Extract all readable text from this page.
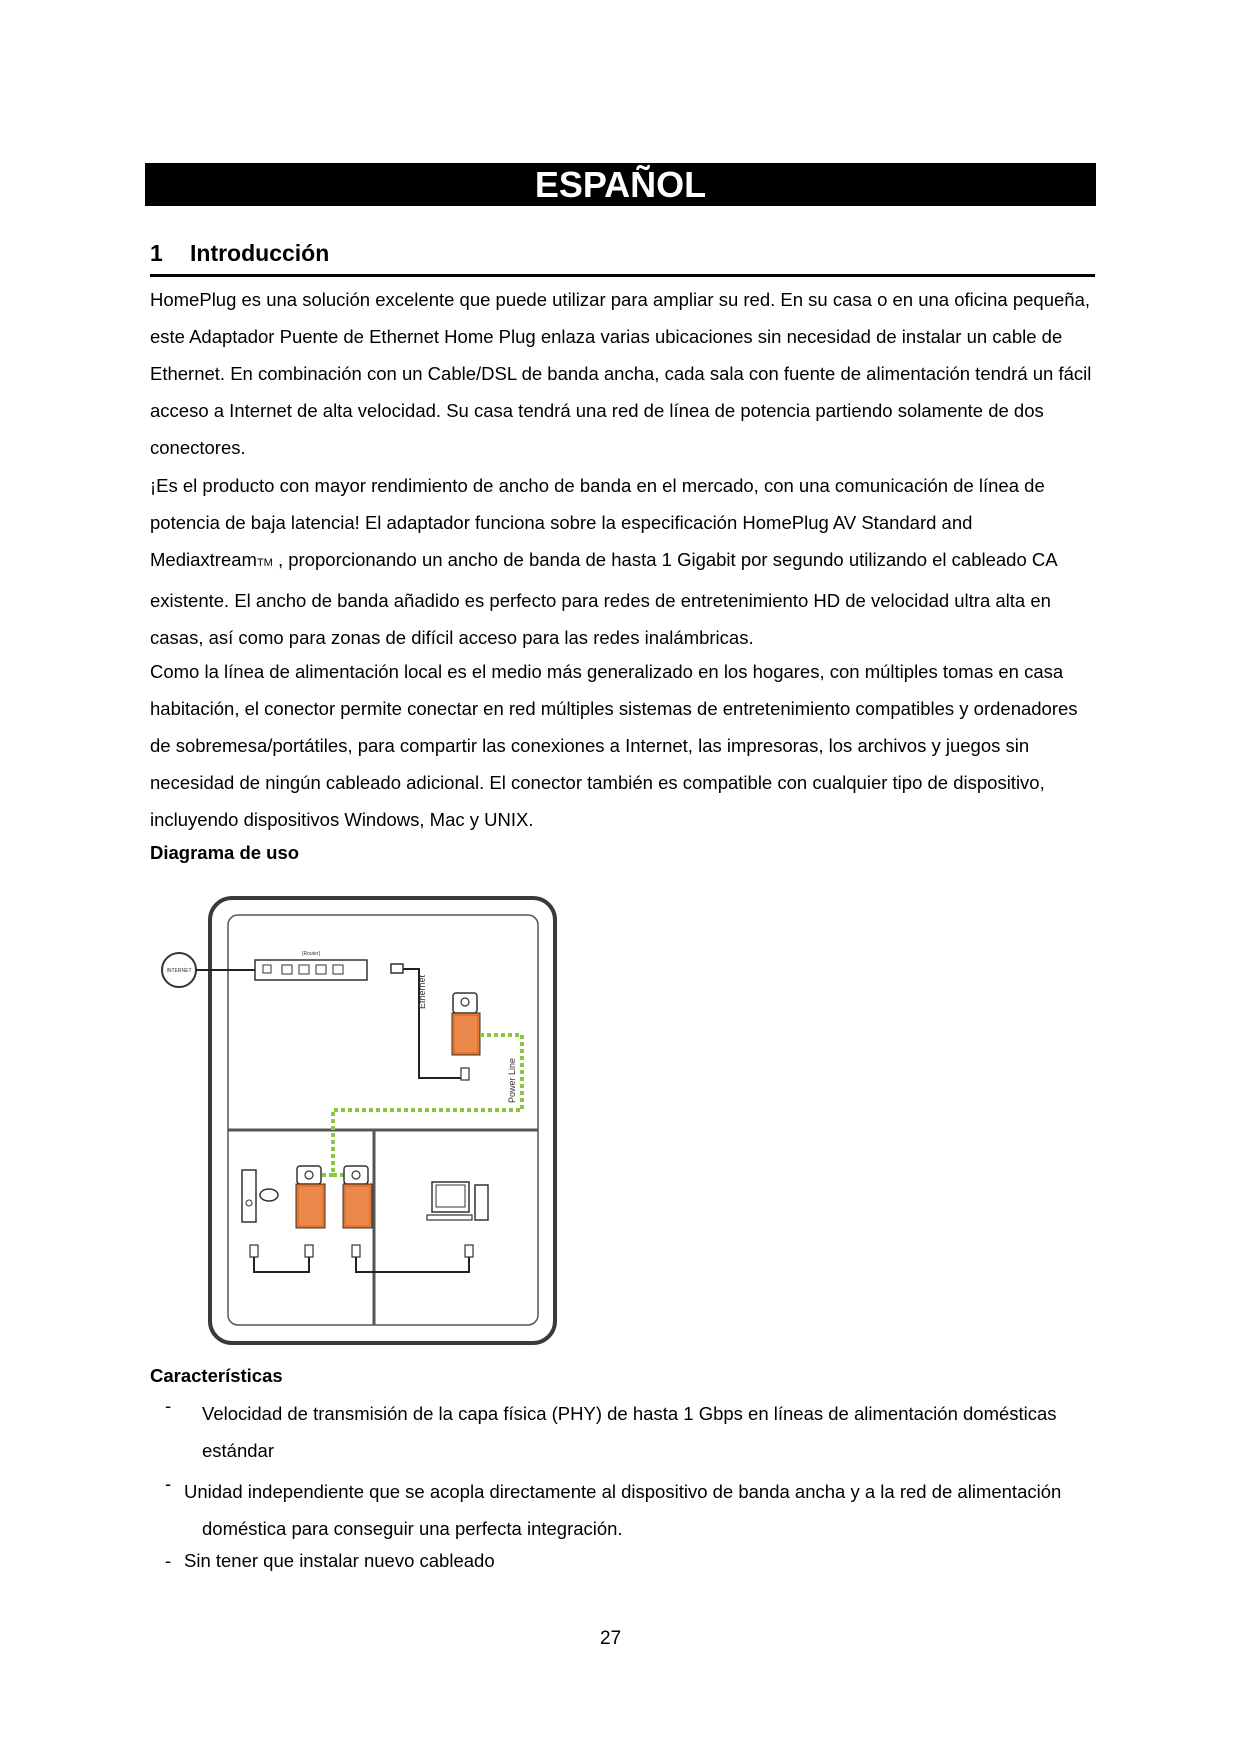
ESPAÑOL
1 Introducción

HomePlug es una solución excelente que puede utilizar para ampliar su red. En su casa o en una oficina pequeña, este Adaptador Puente de Ethernet Home Plug enlaza varias ubicaciones sin necesidad de instalar un cable de Ethernet. En combinación con un Cable/DSL de banda ancha, cada sala con fuente de alimentación tendrá un fácil acceso a Internet de alta velocidad. Su casa tendrá una red de línea de potencia partiendo solamente de dos conectores.

¡Es el producto con mayor rendimiento de ancho de banda en el mercado, con una comunicación de línea de potencia de baja latencia! El adaptador funciona sobre la especificación HomePlug AV Standard and MediaxtreamTM , proporcionando un ancho de banda de hasta 1 Gigabit por segundo utilizando el cableado CA existente. El ancho de banda añadido es perfecto para redes de entretenimiento HD de velocidad ultra alta en casas, así como para zonas de difícil acceso para las redes inalámbricas.

Como la línea de alimentación local es el medio más generalizado en los hogares, con múltiples tomas en casa habitación, el conector permite conectar en red múltiples sistemas de entretenimiento compatibles y ordenadores de sobremesa/portátiles, para compartir las conexiones a Internet, las impresoras, los archivos y juegos sin necesidad de ningún cableado adicional. El conector también es compatible con cualquier tipo de dispositivo, incluyendo dispositivos Windows, Mac y UNIX.

Diagrama de uso
INTERNET
[Router]
Ethernet
Power Line
Características
- Velocidad de transmisión de la capa física (PHY) de hasta 1 Gbps en líneas de alimentación domésticas estándar
- Unidad independiente que se acopla directamente al dispositivo de banda ancha y a la red de alimentación doméstica para conseguir una perfecta integración.
- Sin tener que instalar nuevo cableado
27
